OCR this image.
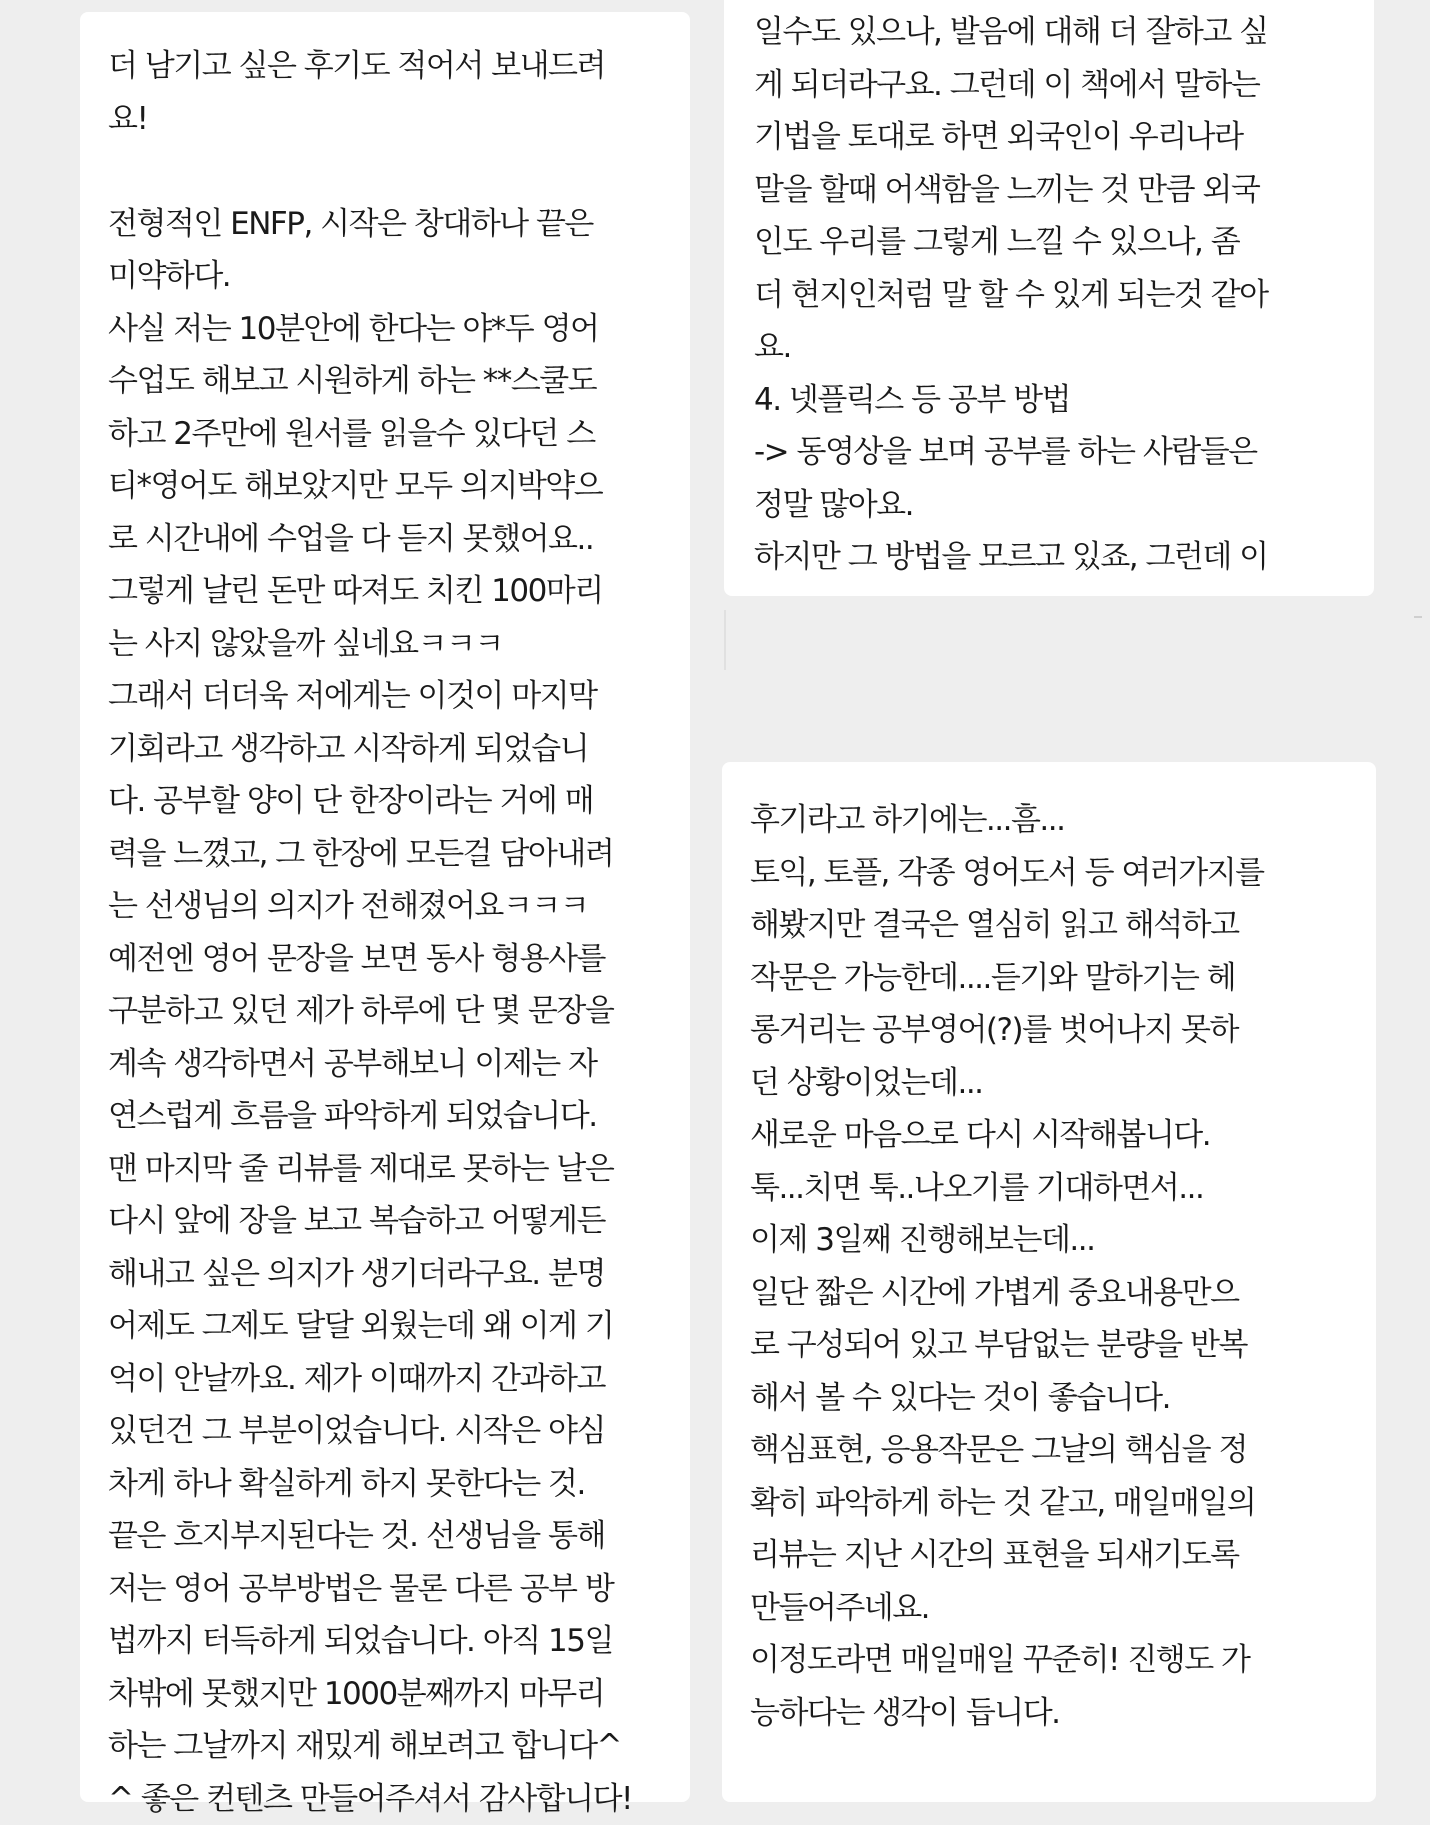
더 남기고 싶은 후기도 적어서 보내드려
요!

전형적인 ENFP, 시작은 창대하나 끝은
미약하다.
사실 저는 10분안에 한다는 야*두 영어
수업도 해보고 시원하게 하는 **스쿨도
하고 2주만에 원서를 읽을수 있다던 스
티*영어도 해보았지만 모두 의지박약으
로 시간내에 수업을 다 듣지 못했어요..
그렇게 날린 돈만 따져도 치킨 100마리
는 사지 않았을까 싶네요ㅋㅋㅋ
그래서 더더욱 저에게는 이것이 마지막
기회라고 생각하고 시작하게 되었습니
다. 공부할 양이 단 한장이라는 거에 매
력을 느꼈고, 그 한장에 모든걸 담아내려
는 선생님의 의지가 전해졌어요ㅋㅋㅋ
예전엔 영어 문장을 보면 동사 형용사를
구분하고 있던 제가 하루에 단 몇 문장을
계속 생각하면서 공부해보니 이제는 자
연스럽게 흐름을 파악하게 되었습니다.
맨 마지막 줄 리뷰를 제대로 못하는 날은
다시 앞에 장을 보고 복습하고 어떻게든
해내고 싶은 의지가 생기더라구요. 분명
어제도 그제도 달달 외웠는데 왜 이게 기
억이 안날까요. 제가 이때까지 간과하고
있던건 그 부분이었습니다. 시작은 야심
차게 하나 확실하게 하지 못한다는 것.
끝은 흐지부지된다는 것. 선생님을 통해
저는 영어 공부방법은 물론 다른 공부 방
법까지 터득하게 되었습니다. 아직 15일
차밖에 못했지만 1000분째까지 마무리
하는 그날까지 재밌게 해보려고 합니다^
^ 좋은 컨텐츠 만들어주셔서 감사합니다!

일수도 있으나, 발음에 대해 더 잘하고 싶
게 되더라구요. 그런데 이 책에서 말하는
기법을 토대로 하면 외국인이 우리나라
말을 할때 어색함을 느끼는 것 만큼 외국
인도 우리를 그렇게 느낄 수 있으나, 좀
더 현지인처럼 말 할 수 있게 되는것 같아
요.
4. 넷플릭스 등 공부 방법
-> 동영상을 보며 공부를 하는 사람들은
정말 많아요.
하지만 그 방법을 모르고 있죠, 그런데 이

후기라고 하기에는...흠...
토익, 토플, 각종 영어도서 등 여러가지를
해봤지만 결국은 열심히 읽고 해석하고
작문은 가능한데....듣기와 말하기는 헤
롱거리는 공부영어(?)를 벗어나지 못하
던 상황이었는데...
새로운 마음으로 다시 시작해봅니다.
툭...치면 툭..나오기를 기대하면서...
이제 3일째 진행해보는데...
일단 짧은 시간에 가볍게 중요내용만으
로 구성되어 있고 부담없는 분량을 반복
해서 볼 수 있다는 것이 좋습니다.
핵심표현, 응용작문은 그날의 핵심을 정
확히 파악하게 하는 것 같고, 매일매일의
리뷰는 지난 시간의 표현을 되새기도록
만들어주네요.
이정도라면 매일매일 꾸준히! 진행도 가
능하다는 생각이 듭니다.
